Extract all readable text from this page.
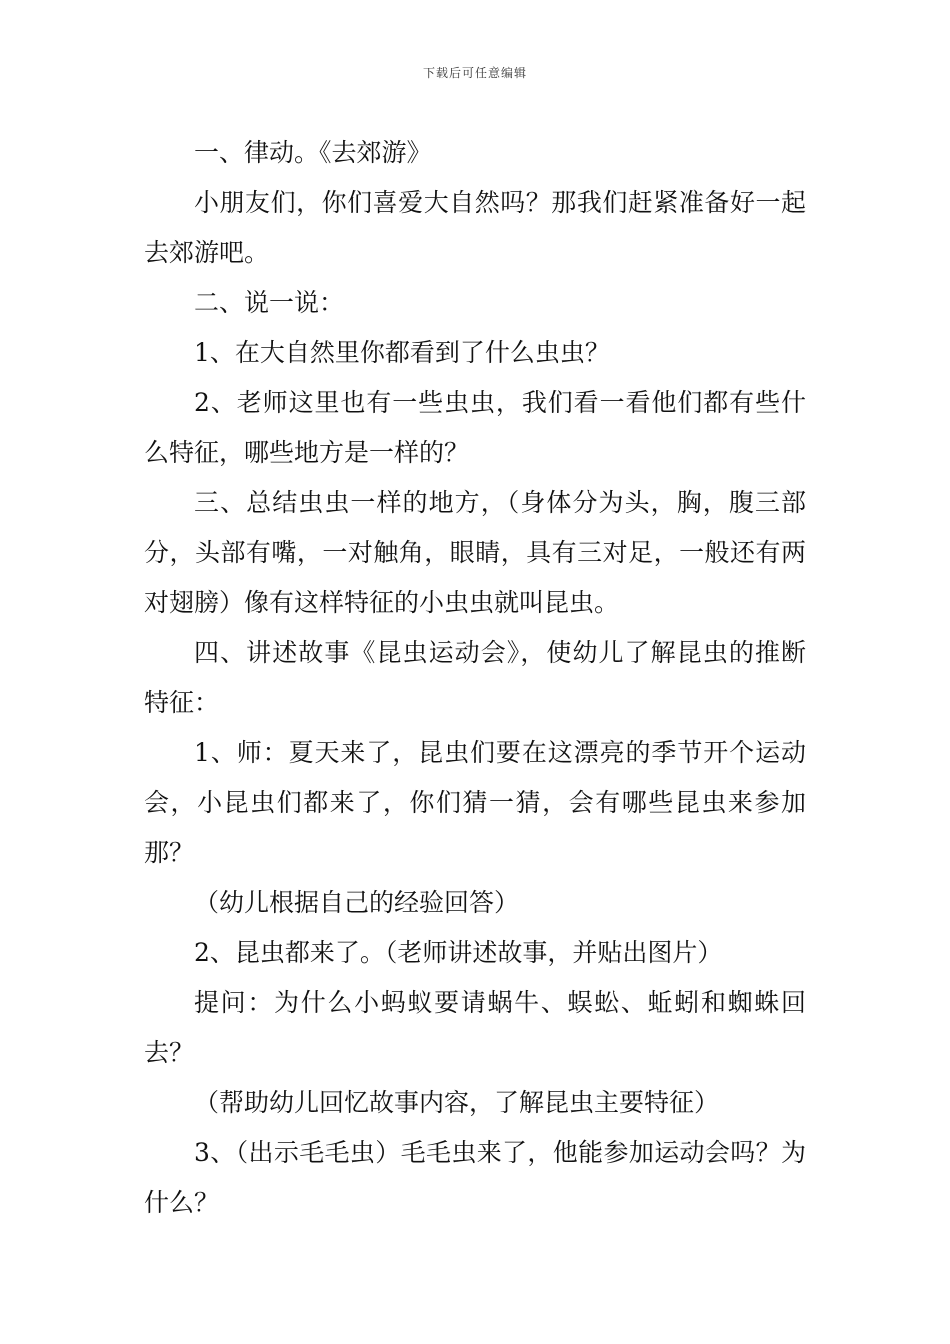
下载后可任意编辑

一、律动。《去郊游》

小朋友们，你们喜爱大自然吗？那我们赶紧准备好一起去郊游吧。

二、说一说：

1、在大自然里你都看到了什么虫虫？

2、老师这里也有一些虫虫，我们看一看他们都有些什么特征，哪些地方是一样的？

三、总结虫虫一样的地方，（身体分为头，胸，腹三部分，头部有嘴，一对触角，眼睛，具有三对足，一般还有两对翅膀）像有这样特征的小虫虫就叫昆虫。

四、讲述故事《昆虫运动会》，使幼儿了解昆虫的推断特征：

1、师：夏天来了，昆虫们要在这漂亮的季节开个运动会，小昆虫们都来了，你们猜一猜，会有哪些昆虫来参加那？

（幼儿根据自己的经验回答）

2、昆虫都来了。（老师讲述故事，并贴出图片）

提问：为什么小蚂蚁要请蜗牛、蜈蚣、蚯蚓和蜘蛛回去？

（帮助幼儿回忆故事内容，了解昆虫主要特征）

3、（出示毛毛虫）毛毛虫来了，他能参加运动会吗？为什么？
